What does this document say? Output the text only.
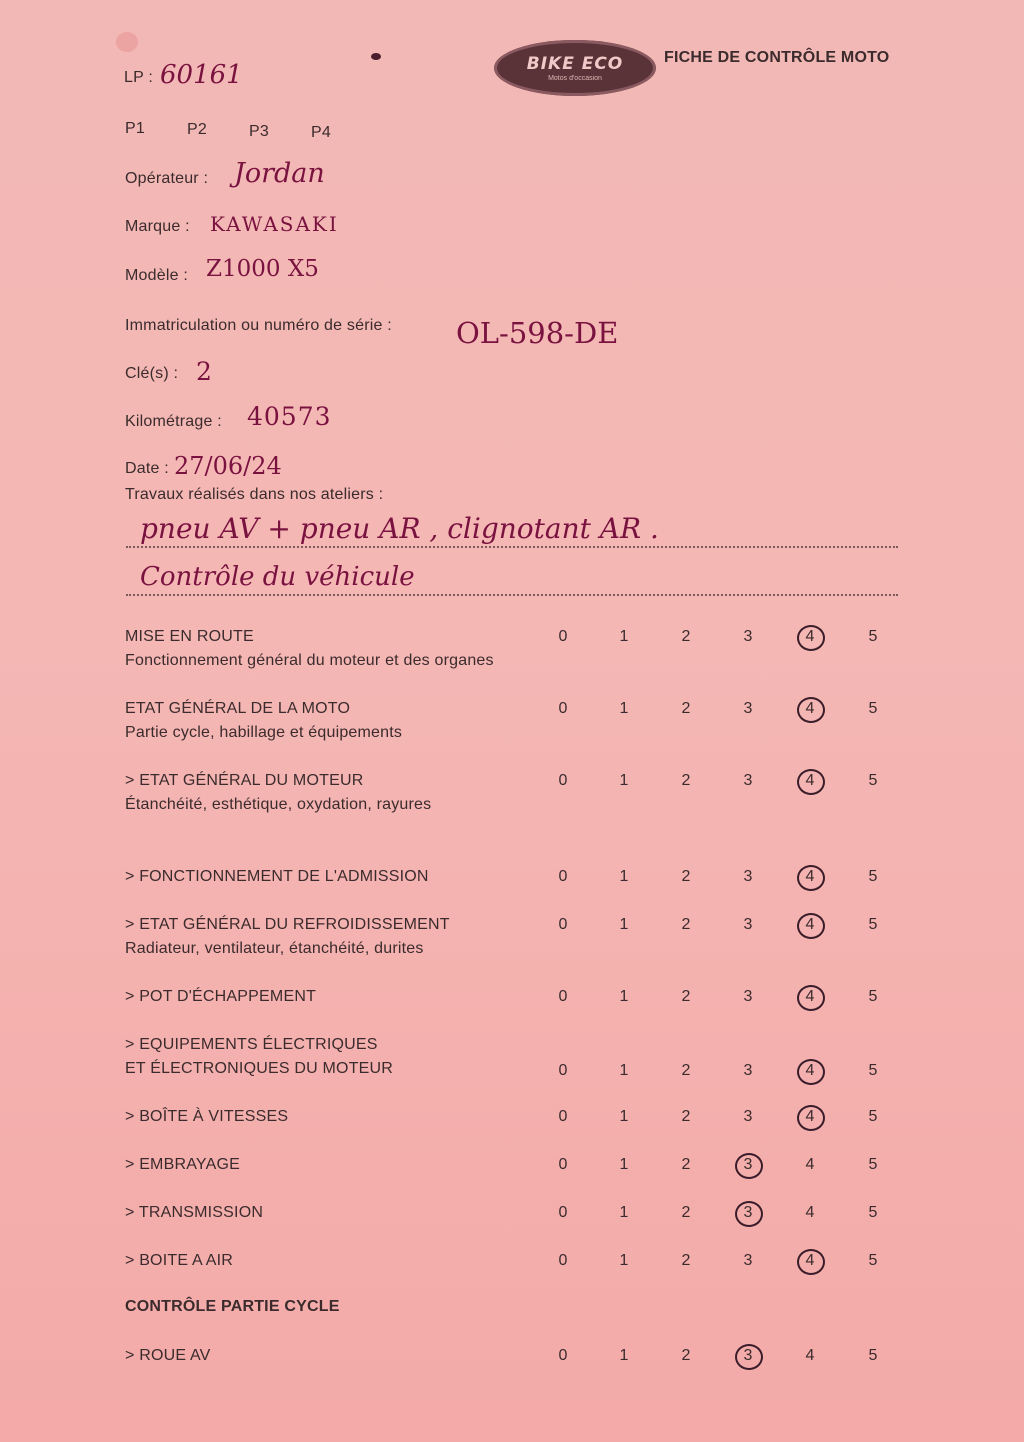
BIKE ECO
Motos d'occasion
FICHE DE CONTRÔLE MOTO
LP : 60161
P1	P2	P3	P4
Opérateur : Jordan
Marque : KAWASAKI
Modèle : Z1000 X5
Immatriculation ou numéro de série : OL-598-DE
Clé(s) : 2
Kilométrage : 40573
Date : 27/06/24
Travaux réalisés dans nos ateliers :
pneu AV + pneu AR , clignotant AR .
Contrôle du véhicule
MISE EN ROUTE
Fonctionnement général du moteur et des organes
0	1	2	3	4	5
ETAT GÉNÉRAL DE LA MOTO
Partie cycle, habillage et équipements
0	1	2	3	4	5
> ETAT GÉNÉRAL DU MOTEUR
Étanchéité, esthétique, oxydation, rayures
0	1	2	3	4	5
> FONCTIONNEMENT DE L'ADMISSION	0	1	2	3	4	5
> ETAT GÉNÉRAL DU REFROIDISSEMENT
Radiateur, ventilateur, étanchéité, durites
0	1	2	3	4	5
> POT D'ÉCHAPPEMENT	0	1	2	3	4	5
> EQUIPEMENTS ÉLECTRIQUES
ET ÉLECTRONIQUES DU MOTEUR	0	1	2	3	4	5
> BOÎTE À VITESSES	0	1	2	3	4	5
> EMBRAYAGE	0	1	2	3	4	5
> TRANSMISSION	0	1	2	3	4	5
> BOITE A AIR	0	1	2	3	4	5
CONTRÔLE PARTIE CYCLE
> ROUE AV	0	1	2	3	4	5
